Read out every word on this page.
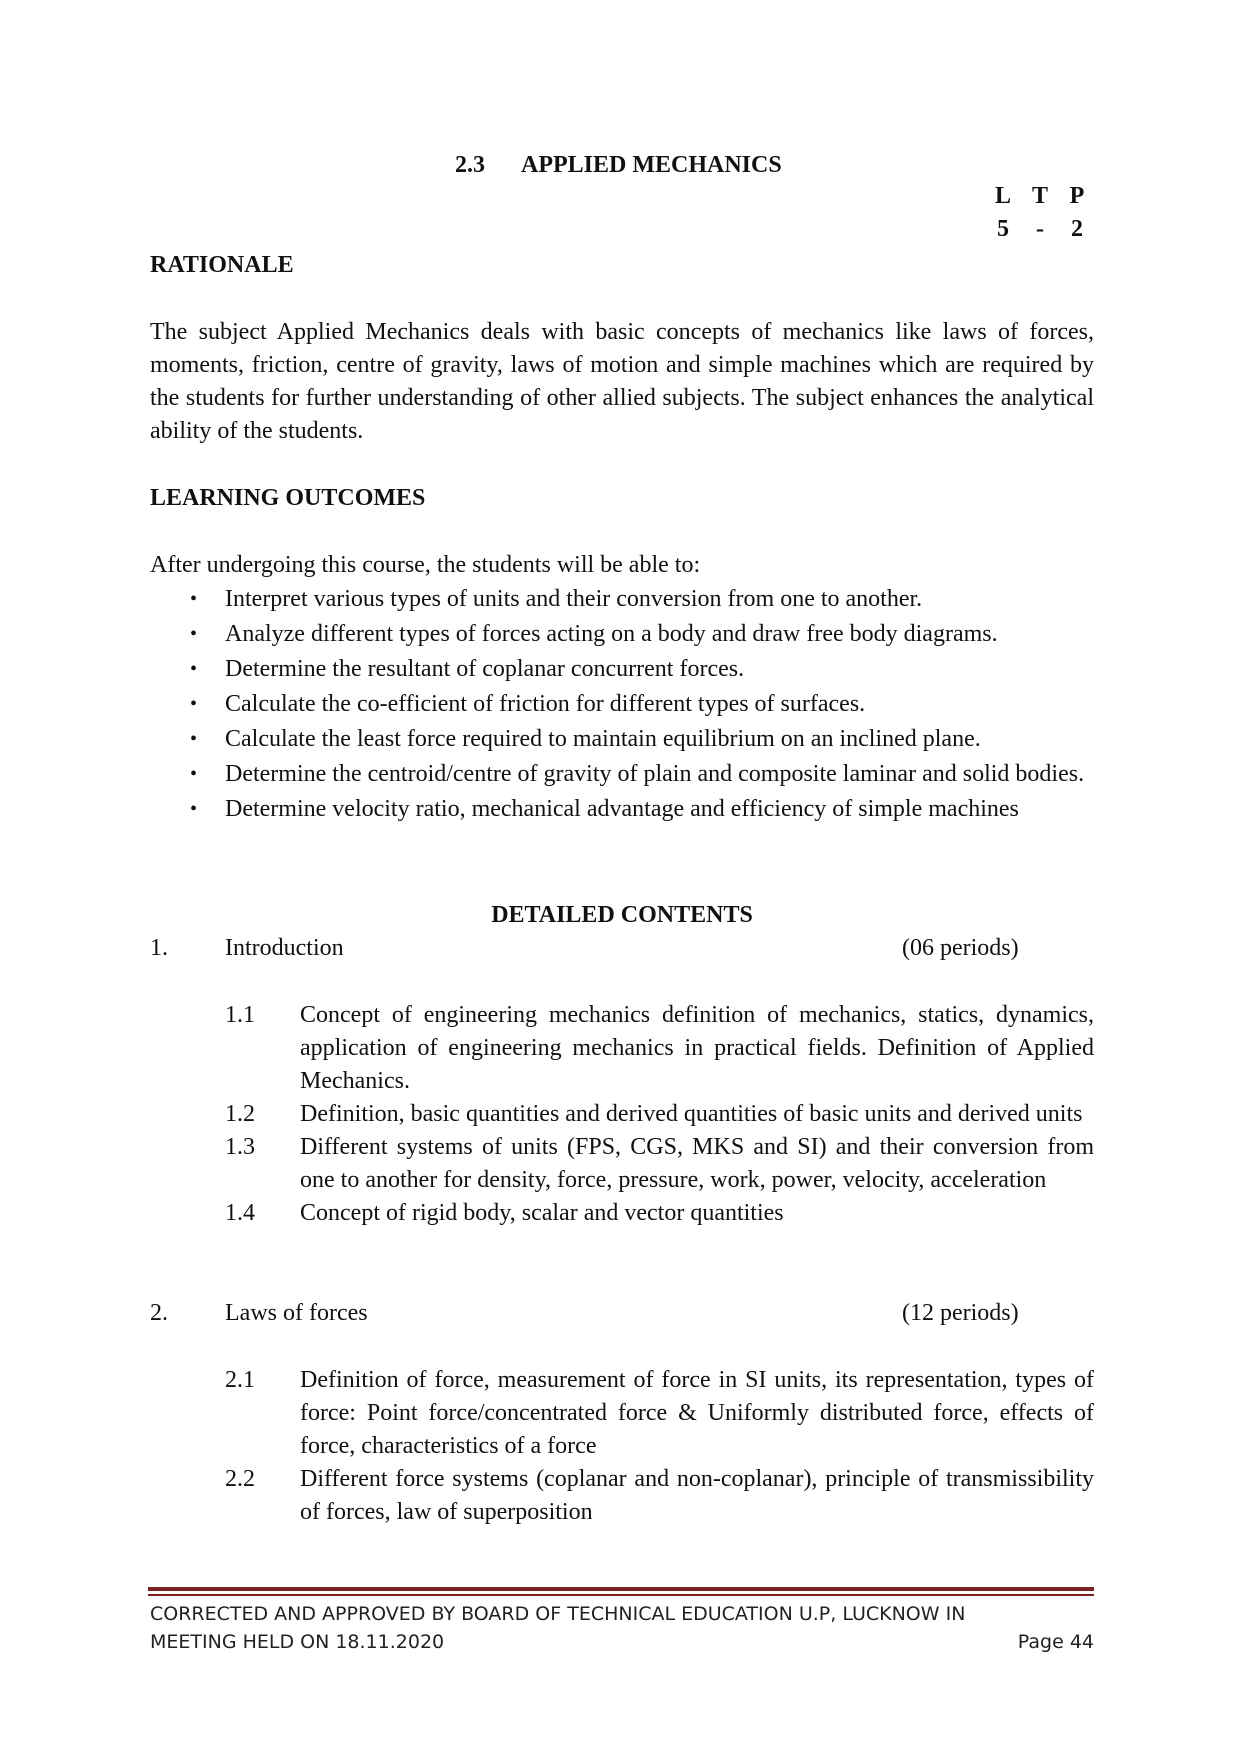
2.3 APPLIED MECHANICS
L T P
5	-	2
RATIONALE
The subject Applied Mechanics deals with basic concepts of mechanics like laws of forces, moments, friction, centre of gravity, laws of motion and simple machines which are required by the students for further understanding of other allied subjects. The subject enhances the analytical ability of the students.
LEARNING OUTCOMES
After undergoing this course, the students will be able to:
• Interpret various types of units and their conversion from one to another.
• Analyze different types of forces acting on a body and draw free body diagrams.
• Determine the resultant of coplanar concurrent forces.
• Calculate the co-efficient of friction for different types of surfaces.
• Calculate the least force required to maintain equilibrium on an inclined plane.
• Determine the centroid/centre of gravity of plain and composite laminar and solid bodies.
• Determine velocity ratio, mechanical advantage and efficiency of simple machines
DETAILED CONTENTS
1. Introduction	(06 periods)
1.1 Concept of engineering mechanics definition of mechanics, statics, dynamics, application of engineering mechanics in practical fields. Definition of Applied Mechanics.
1.2 Definition, basic quantities and derived quantities of basic units and derived units
1.3 Different systems of units (FPS, CGS, MKS and SI) and their conversion from one to another for density, force, pressure, work, power, velocity, acceleration
1.4 Concept of rigid body, scalar and vector quantities
2. Laws of forces	(12 periods)
2.1 Definition of force, measurement of force in SI units, its representation, types of force: Point force/concentrated force & Uniformly distributed force, effects of force, characteristics of a force
2.2 Different force systems (coplanar and non-coplanar), principle of transmissibility of forces, law of superposition
CORRECTED AND APPROVED BY BOARD OF TECHNICAL EDUCATION U.P, LUCKNOW IN
MEETING HELD ON 18.11.2020	Page 44
